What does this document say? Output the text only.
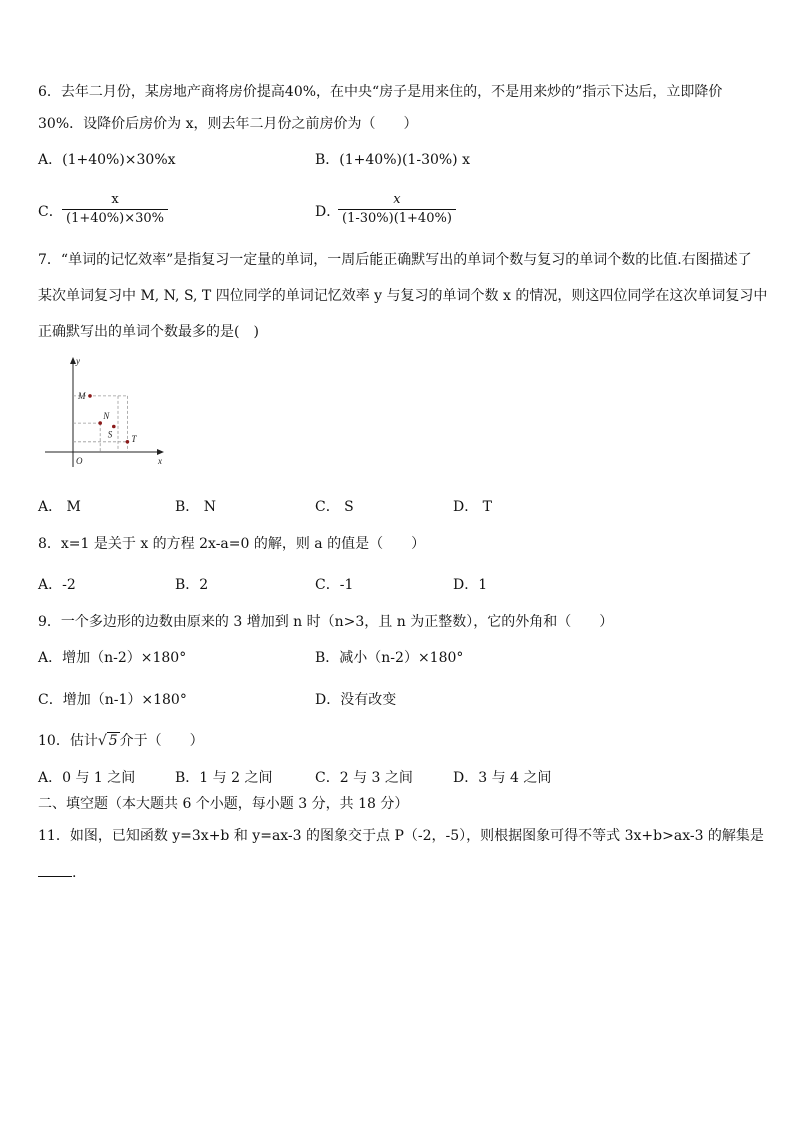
6．去年二月份，某房地产商将房价提高40%，在中央“房子是用来住的，不是用来炒的”指示下达后，立即降价
30%．设降价后房价为 x，则去年二月份之前房价为（　　）
A．(1+40%)×30%x	B．(1+40%)(1-30%) x
C． $\frac{x}{(1+40\%)\times 30\%}$	D．
$\frac{x}{(1-30\%)(1+40\%)}$
7．“单词的记忆效率”是指复习一定量的单词，一周后能正确默写出的单词个数与复习的单词个数的比值.右图描述了
某次单词复习中 M, N, S, T 四位同学的单词记忆效率 y 与复习的单词个数 x 的情况，则这四位同学在这次单词复习中
正确默写出的单词个数最多的是(　)
x
y
O
M
N
S T
A． M	B． N	C． S	D． T
8．x=1 是关于 x 的方程 2x-a=0 的解，则 a 的值是（　　）
A．-2	B．2	C．-1	D．1
9．一个多边形的边数由原来的 3 增加到 n 时（n>3，且 n 为正整数），它的外角和（　　）
A．增加（n-2）×180°	B．减小（n-2）×180°
C．增加（n-1）×180°	D．没有改变
10．估计√ 5 介于（　　）
A．0 与 1 之间	B．1 与 2 之间	C．2 与 3 之间	D．3 与 4 之间
二、填空题（本大题共 6 个小题，每小题 3 分，共 18 分）
11．如图，已知函数 y=3x+b 和 y=ax-3 的图象交于点 P（-2，-5），则根据图象可得不等式 3x+b>ax-3 的解集是
.
